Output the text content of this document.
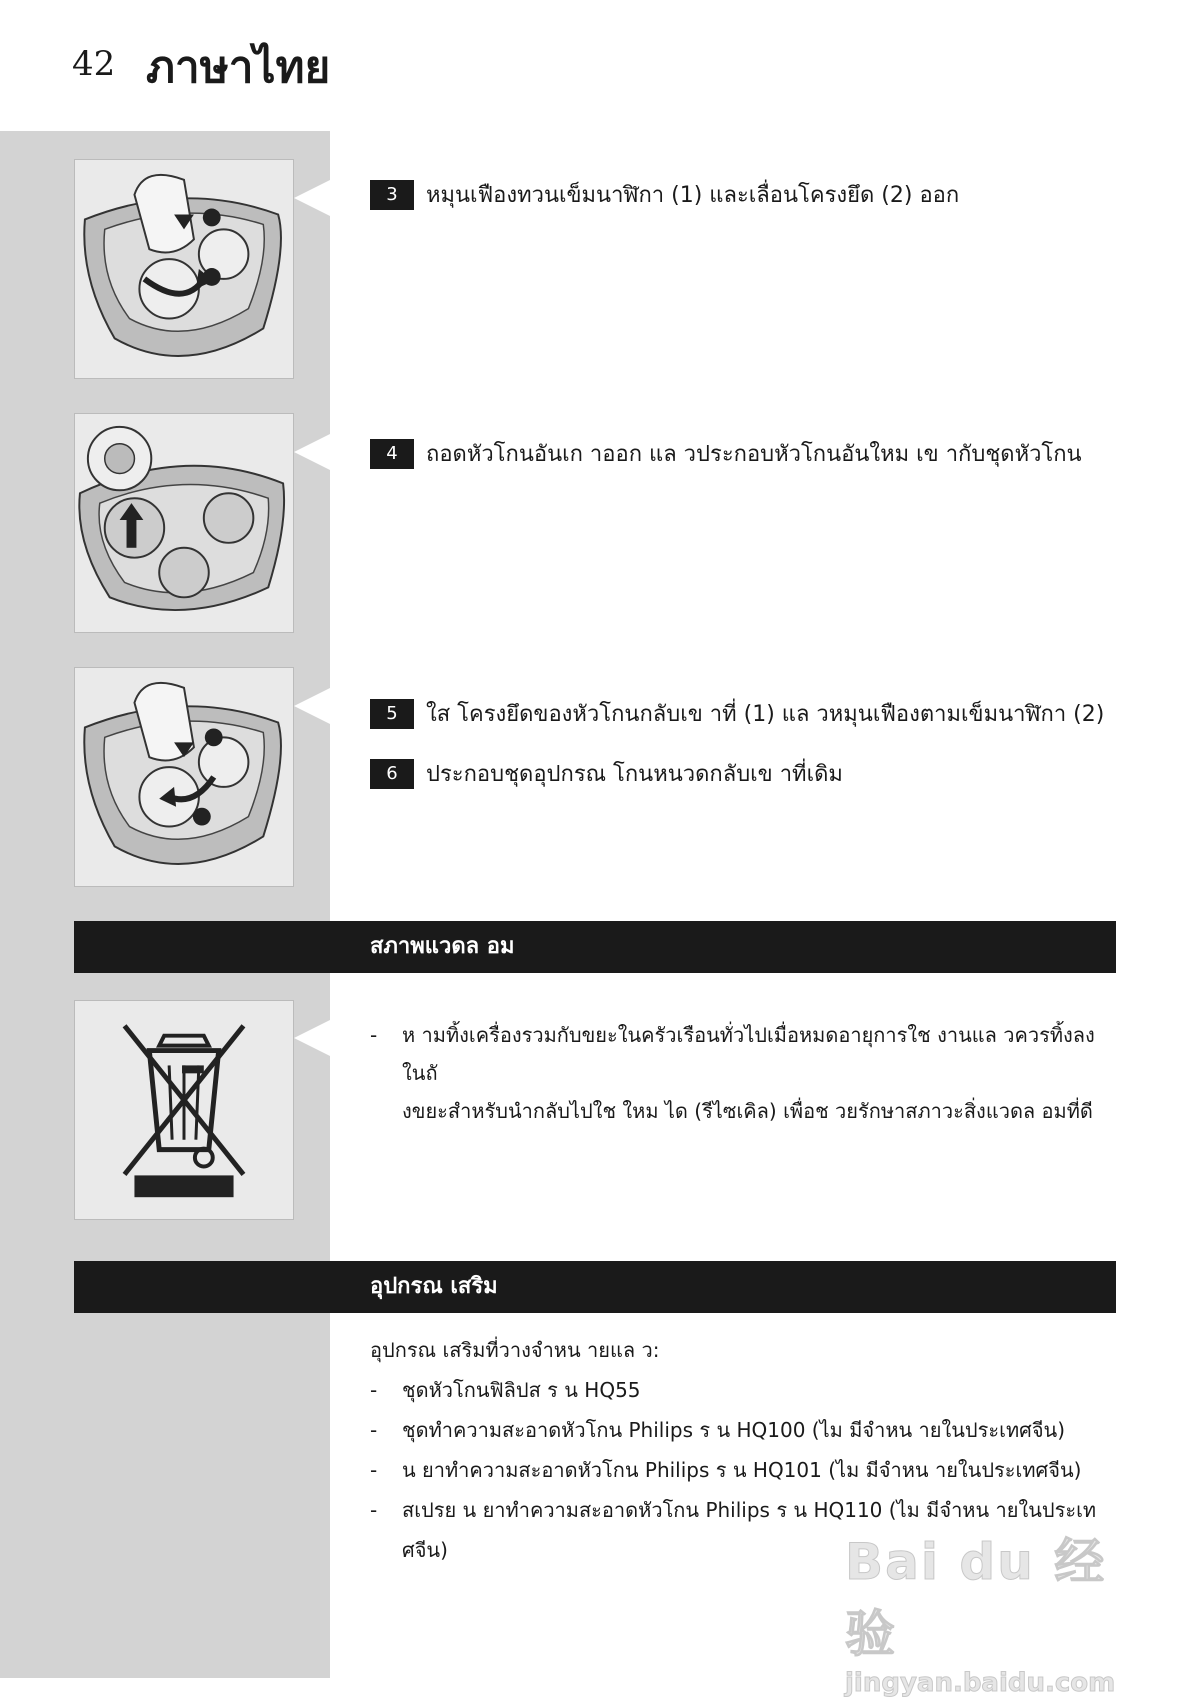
42 ภาษาไทย
3	หมุนเฟืองทวนเข็มนาฬิกา (1) และเลื่อนโครงยึด (2) ออก
4	ถอดหัวโกนอันเก าออก แล วประกอบหัวโกนอันใหม เข ากับชุดหัวโกน
5	ใส โครงยึดของหัวโกนกลับเข าที่ (1) แล วหมุนเฟืองตามเข็มนาฬิกา (2)
6	ประกอบชุดอุปกรณ โกนหนวดกลับเข าที่เดิม
สภาพแวดล อม
-	ห ามทิ้งเครื่องรวมกับขยะในครัวเรือนทั่วไปเมื่อหมดอายุการใช งานแล วควรทิ้งลงในถั
งขยะสำหรับนำกลับไปใช ใหม ได (รีไซเคิล) เพื่อช วยรักษาสภาวะสิ่งแวดล อมที่ดี
อุปกรณ เสริม
อุปกรณ เสริมที่วางจำหน ายแล ว:
-	ชุดหัวโกนฟิลิปส ร น HQ55
-	ชุดทำความสะอาดหัวโกน Philips ร น HQ100 (ไม มีจำหน ายในประเทศจีน)
-	น ยาทำความสะอาดหัวโกน Philips ร น HQ101 (ไม มีจำหน ายในประเทศจีน)
-	สเปรย น ยาทำความสะอาดหัวโกน Philips ร น HQ110 (ไม มีจำหน ายในประเท
ศจีน)	Bai du 经验
jingyan.baidu.com
